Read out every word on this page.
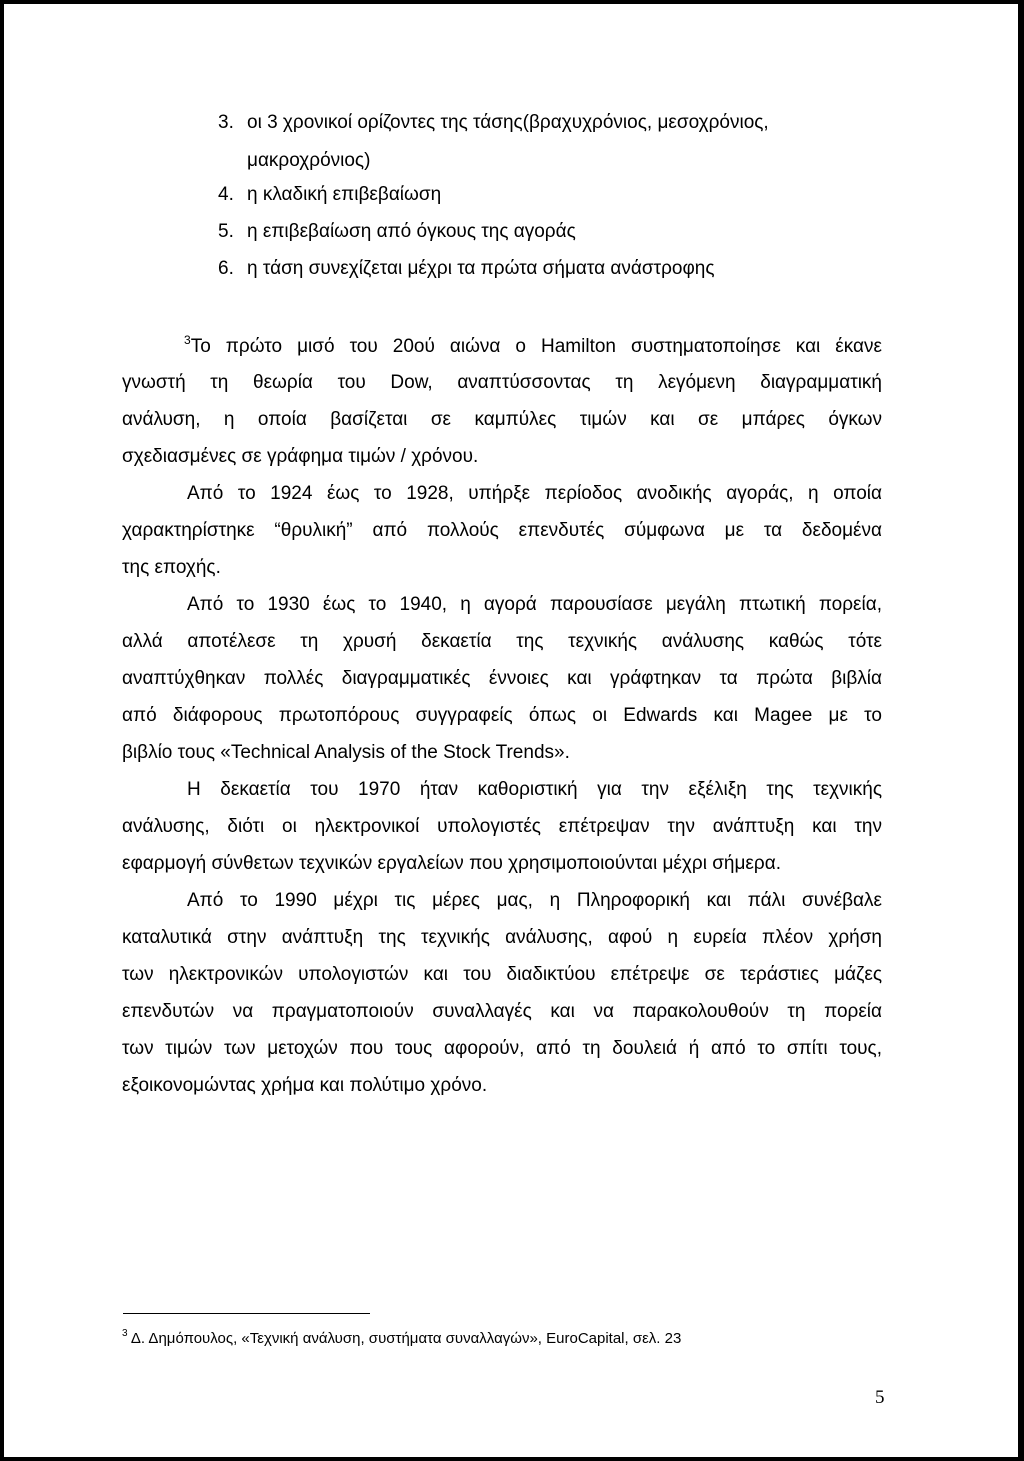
3. οι 3 χρονικοί ορίζοντες της τάσης(βραχυχρόνιος, μεσοχρόνιος,
μακροχρόνιος)
4. η κλαδική επιβεβαίωση
5. η επιβεβαίωση από όγκους της αγοράς
6. η τάση συνεχίζεται μέχρι τα πρώτα σήματα ανάστροφης
$^3$Το πρώτο μισό του 20ού αιώνα ο Hamilton συστηματοποίησε και έκανε
γνωστή τη θεωρία του Dow, αναπτύσσοντας τη λεγόμενη διαγραμματική
ανάλυση, η οποία βασίζεται σε καμπύλες τιμών και σε μπάρες όγκων
σχεδιασμένες σε γράφημα τιμών / χρόνου.
Από το 1924 έως το 1928, υπήρξε περίοδος ανοδικής αγοράς, η οποία
χαρακτηρίστηκε “θρυλική” από πολλούς επενδυτές σύμφωνα με τα δεδομένα
της εποχής.
Από το 1930 έως το 1940, η αγορά παρουσίασε μεγάλη πτωτική πορεία,
αλλά αποτέλεσε τη χρυσή δεκαετία της τεχνικής ανάλυσης καθώς τότε
αναπτύχθηκαν πολλές διαγραμματικές έννοιες και γράφτηκαν τα πρώτα βιβλία
από διάφορους πρωτοπόρους συγγραφείς όπως οι Edwards και Magee με το
βιβλίο τους «Technical Analysis of the Stock Trends».
Η δεκαετία του 1970 ήταν καθοριστική για την εξέλιξη της τεχνικής
ανάλυσης, διότι οι ηλεκτρονικοί υπολογιστές επέτρεψαν την ανάπτυξη και την
εφαρμογή σύνθετων τεχνικών εργαλείων που χρησιμοποιούνται μέχρι σήμερα.
Από το 1990 μέχρι τις μέρες μας, η Πληροφορική και πάλι συνέβαλε
καταλυτικά στην ανάπτυξη της τεχνικής ανάλυσης, αφού η ευρεία πλέον χρήση
των ηλεκτρονικών υπολογιστών και του διαδικτύου επέτρεψε σε τεράστιες μάζες
επενδυτών να πραγματοποιούν συναλλαγές και να παρακολουθούν τη πορεία
των τιμών των μετοχών που τους αφορούν, από τη δουλειά ή από το σπίτι τους,
εξοικονομώντας χρήμα και πολύτιμο χρόνο.
$^3$ Δ. Δημόπουλος, «Τεχνική ανάλυση, συστήματα συναλλαγών», EuroCapital, σελ. 23
5
